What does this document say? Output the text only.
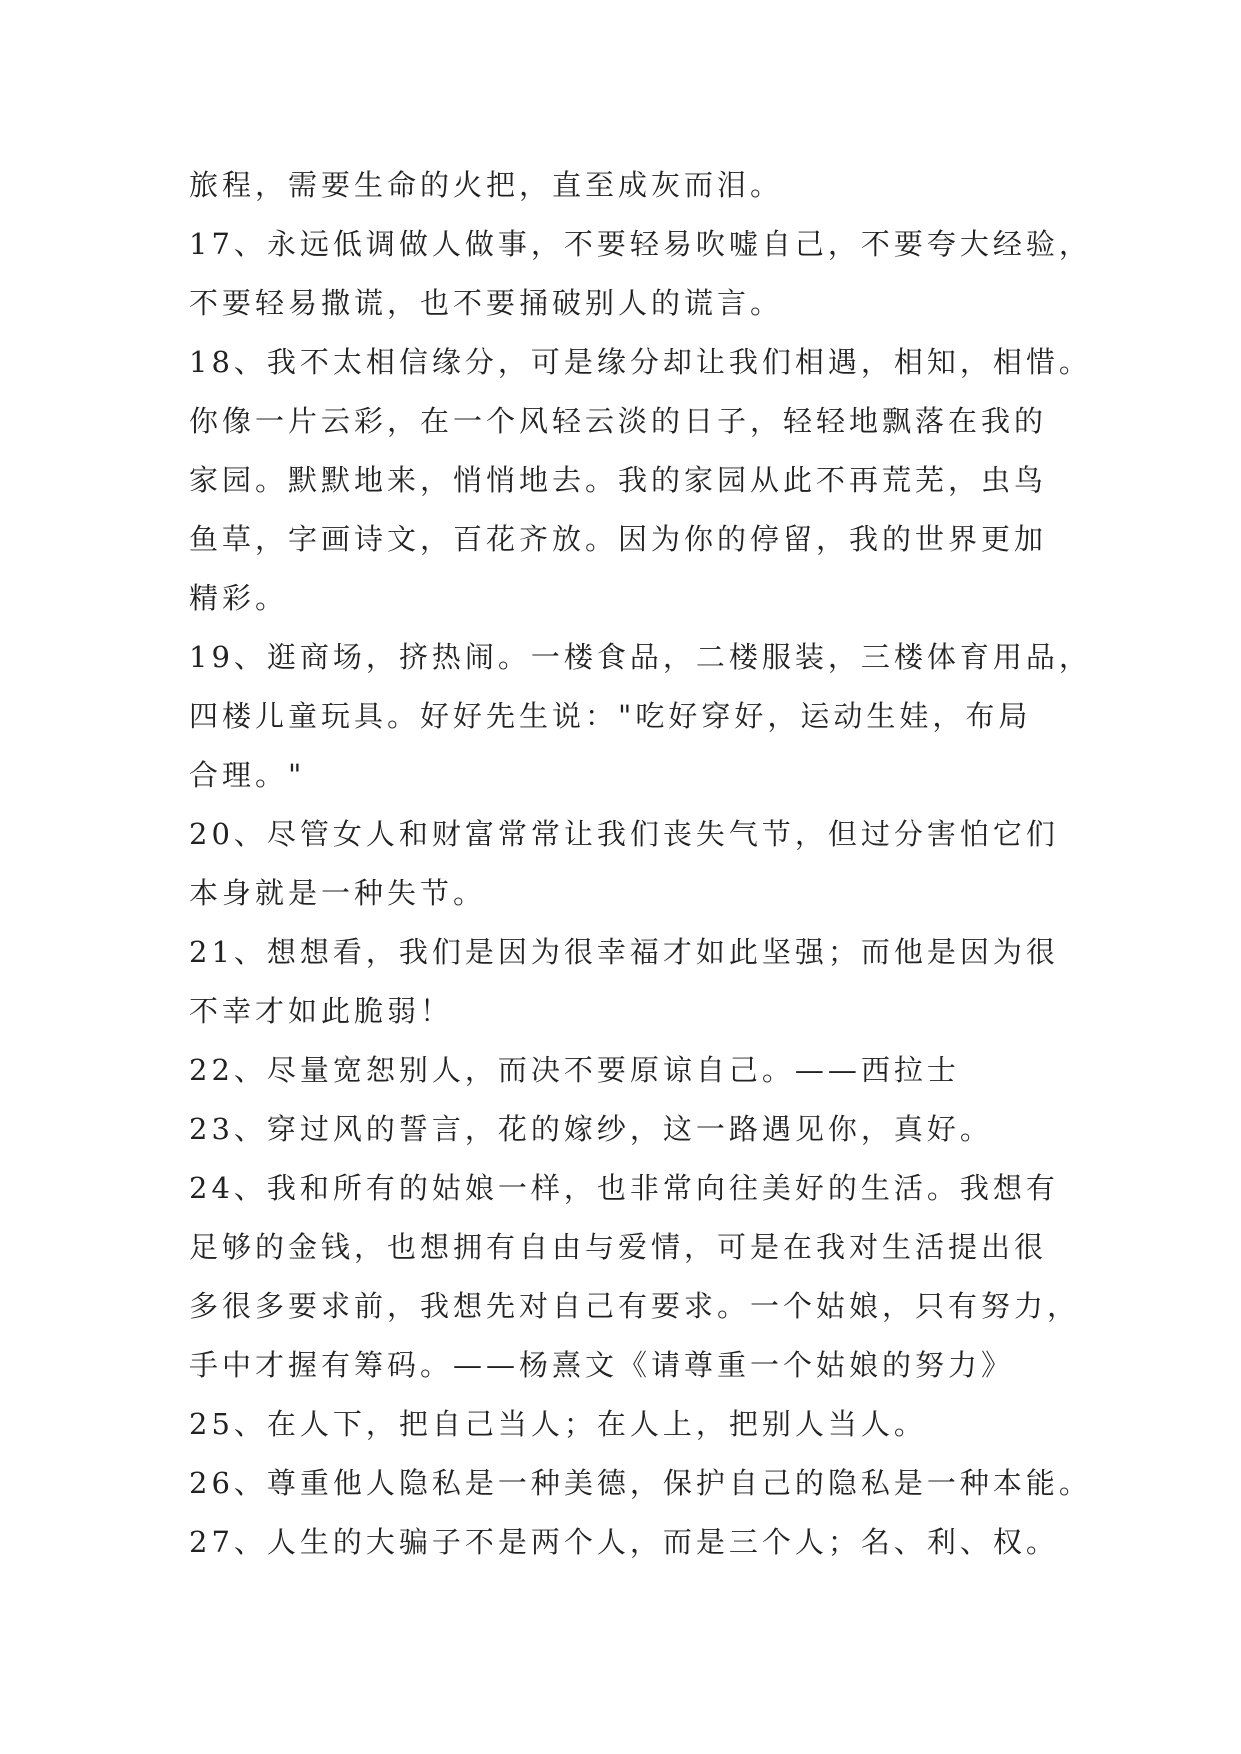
旅程，需要生命的火把，直至成灰而泪。

17、永远低调做人做事，不要轻易吹嘘自己，不要夸大经验，

不要轻易撒谎，也不要捅破别人的谎言。

18、我不太相信缘分，可是缘分却让我们相遇，相知，相惜。

你像一片云彩，在一个风轻云淡的日子，轻轻地飘落在我的

家园。默默地来，悄悄地去。我的家园从此不再荒芜，虫鸟

鱼草，字画诗文，百花齐放。因为你的停留，我的世界更加

精彩。

19、逛商场，挤热闹。一楼食品，二楼服装，三楼体育用品，

四楼儿童玩具。好好先生说："吃好穿好，运动生娃，布局

合理。"

20、尽管女人和财富常常让我们丧失气节，但过分害怕它们

本身就是一种失节。

21、想想看，我们是因为很幸福才如此坚强；而他是因为很

不幸才如此脆弱！

22、尽量宽恕别人，而决不要原谅自己。——西拉士

23、穿过风的誓言，花的嫁纱，这一路遇见你，真好。

24、我和所有的姑娘一样，也非常向往美好的生活。我想有

足够的金钱，也想拥有自由与爱情，可是在我对生活提出很

多很多要求前，我想先对自己有要求。一个姑娘，只有努力，

手中才握有筹码。——杨熹文《请尊重一个姑娘的努力》

25、在人下，把自己当人；在人上，把别人当人。

26、尊重他人隐私是一种美德，保护自己的隐私是一种本能。

27、人生的大骗子不是两个人，而是三个人；名、利、权。
